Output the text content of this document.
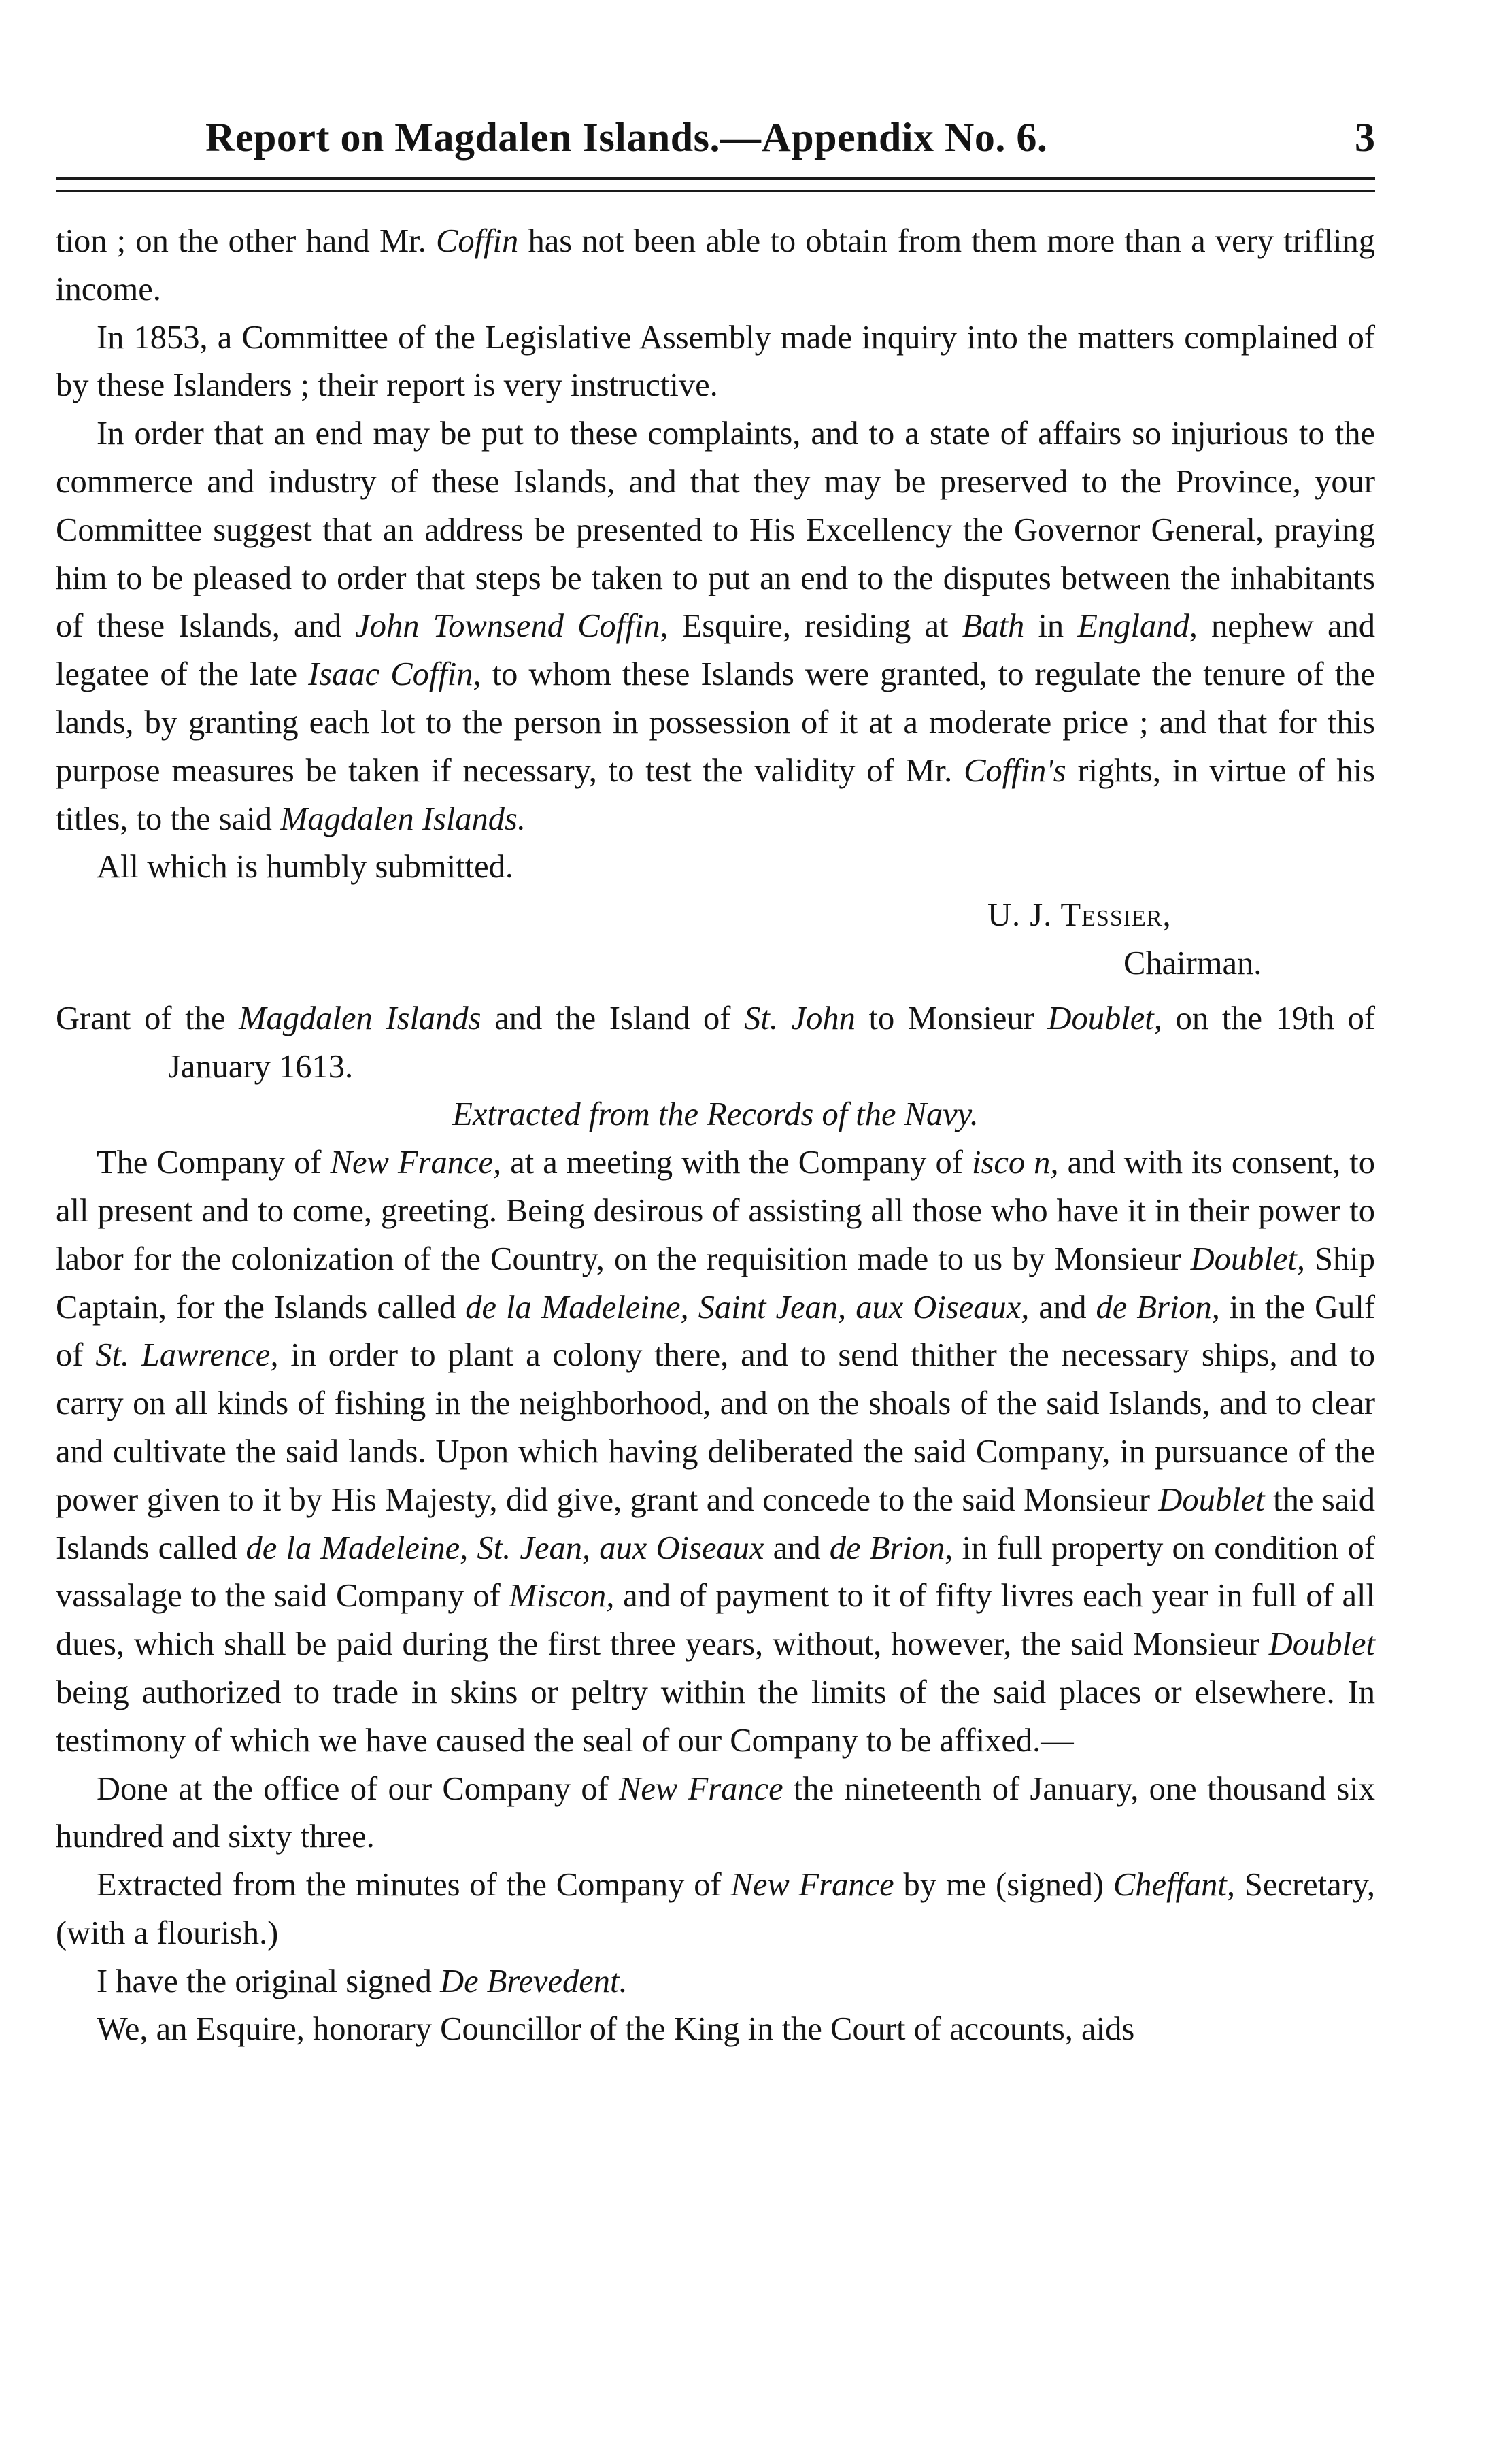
Report on Magdalen Islands.—Appendix No. 6.	3

tion ; on the other hand Mr. Coffin has not been able to obtain from them more than a very trifling income.

In 1853, a Committee of the Legislative Assembly made inquiry into the matters complained of by these Islanders ; their report is very instructive.

In order that an end may be put to these complaints, and to a state of affairs so injurious to the commerce and industry of these Islands, and that they may be preserved to the Province, your Committee suggest that an address be presented to His Excellency the Governor General, praying him to be pleased to order that steps be taken to put an end to the disputes between the inhabitants of these Islands, and John Townsend Coffin, Esquire, residing at Bath in England, nephew and legatee of the late Isaac Coffin, to whom these Islands were granted, to regulate the tenure of the lands, by granting each lot to the person in possession of it at a moderate price ; and that for this purpose measures be taken if necessary, to test the validity of Mr. Coffin's rights, in virtue of his titles, to the said Magdalen Islands.

All which is humbly submitted.

U. J. Tessier,
Chairman.

Grant of the Magdalen Islands and the Island of St. John to Monsieur Doublet, on the 19th of January 1613.

Extracted from the Records of the Navy.

The Company of New France, at a meeting with the Company of isco n, and with its consent, to all present and to come, greeting. Being desirous of assisting all those who have it in their power to labor for the colonization of the Country, on the requisition made to us by Monsieur Doublet, Ship Captain, for the Islands called de la Madeleine, Saint Jean, aux Oiseaux, and de Brion, in the Gulf of St. Lawrence, in order to plant a colony there, and to send thither the necessary ships, and to carry on all kinds of fishing in the neighborhood, and on the shoals of the said Islands, and to clear and cultivate the said lands. Upon which having deliberated the said Company, in pursuance of the power given to it by His Majesty, did give, grant and concede to the said Monsieur Doublet the said Islands called de la Madeleine, St. Jean, aux Oiseaux and de Brion, in full property on condition of vassalage to the said Company of Miscon, and of payment to it of fifty livres each year in full of all dues, which shall be paid during the first three years, without, however, the said Monsieur Doublet being authorized to trade in skins or peltry within the limits of the said places or elsewhere. In testimony of which we have caused the seal of our Company to be affixed.—

Done at the office of our Company of New France the nineteenth of January, one thousand six hundred and sixty three.

Extracted from the minutes of the Company of New France by me (signed) Cheffant, Secretary, (with a flourish.)

I have the original signed De Brevedent.

We, an Esquire, honorary Councillor of the King in the Court of accounts, aids
